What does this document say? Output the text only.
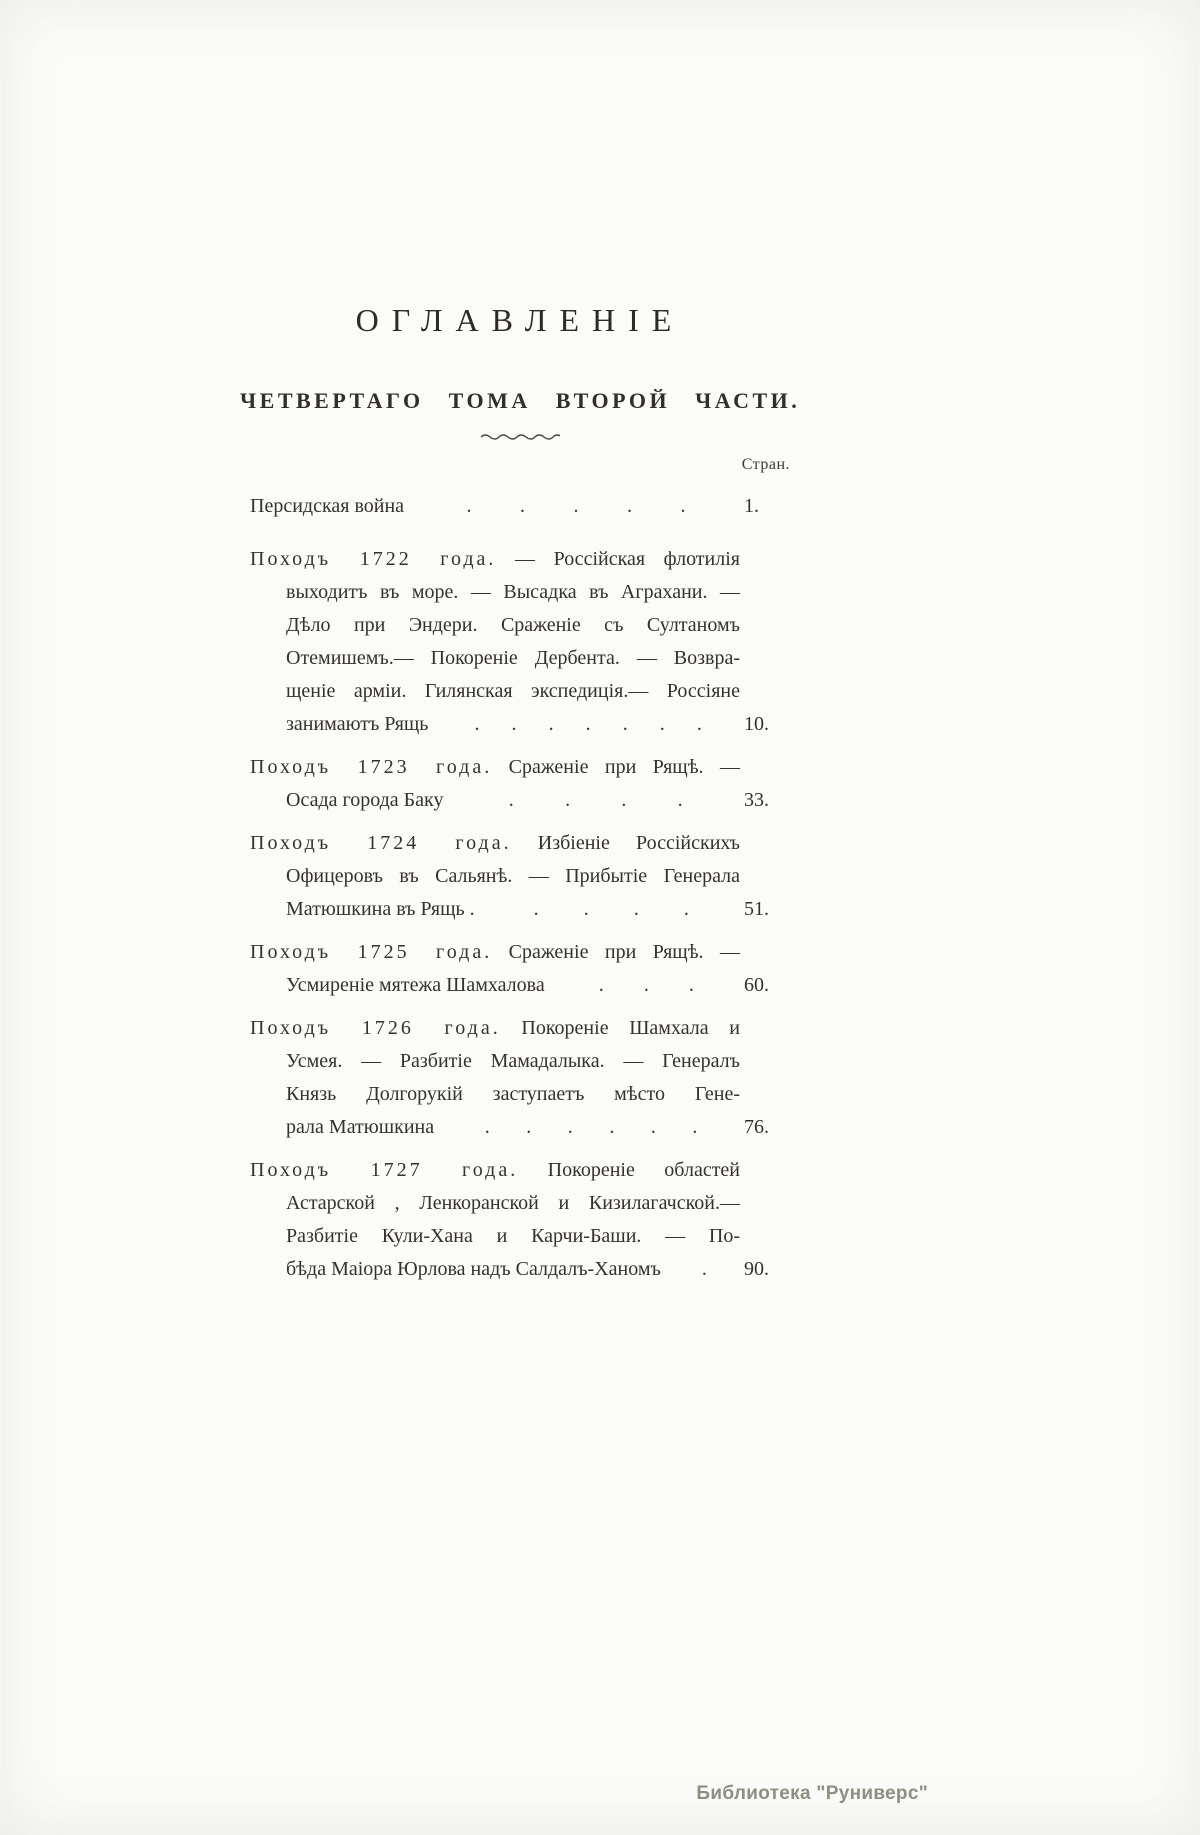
ОГЛАВЛЕНІЕ
ЧЕТВЕРТАГО ТОМА ВТОРОЙ ЧАСТИ.
Стран.
Персидская война	. . . . .	1.
Походъ 1722 года. — Россійская флотилія
выходитъ въ море. — Высадка въ Аграхани. —
Дѣло при Эндери. Сраженіе съ Султаномъ
Отемишемъ.— Покореніе Дербента. — Возвра-
щеніе арміи. Гилянская экспедиція.— Россіяне
занимаютъ Рящь . . . . . . . 10.
Походъ 1723 года. Сраженіе при Рящѣ. —
Осада города Баку	.	.	.	.	33.
Походъ 1724 года. Избіеніе Россійскихъ
Офицеровъ въ Сальянѣ. — Прибытіе Генерала
Матюшкина въ Рящь .	. . . .	51.
Походъ 1725 года. Сраженіе при Рящѣ. —
Усмиреніе мятежа Шамхалова	. . .	60.
Походъ 1726 года. Покореніе Шамхала и
Усмея. — Разбитіе Мамадалыка. — Генералъ
Князь Долгорукій заступаетъ мѣсто Гене-
рала Матюшкина	. . . . . . 76.
Походъ 1727 года. Покореніе областей
Астарской , Ленкоранской и Кизилагачской.—
Разбитіе Кули-Хана и Карчи-Баши. — По-
бѣда Маіора Юрлова надъ Салдалъ-Ханомъ . 90.
Библиотека "Руниверс"
